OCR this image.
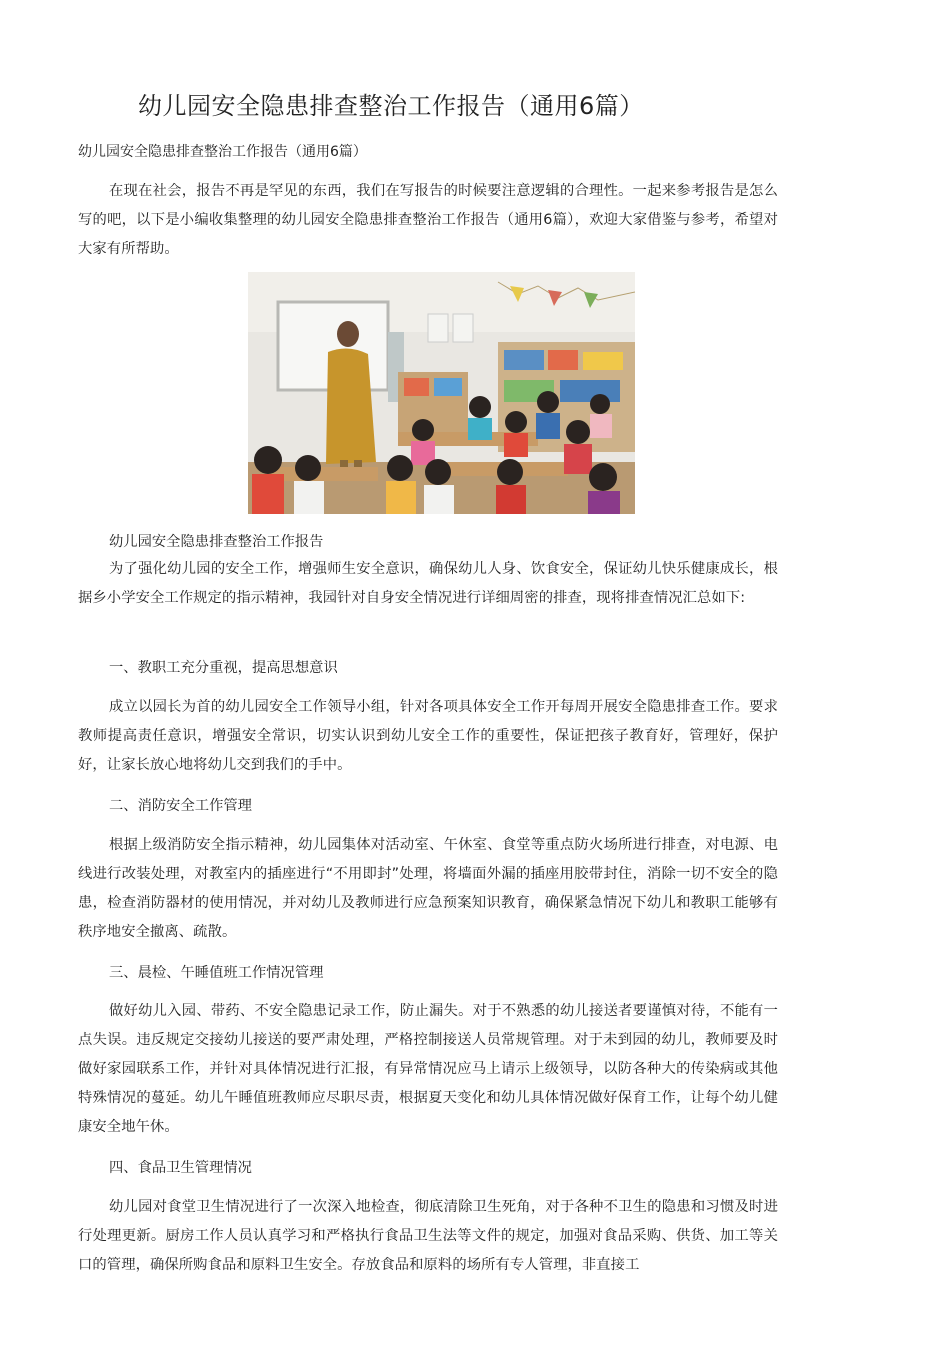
幼儿园安全隐患排查整治工作报告（通用6篇）
幼儿园安全隐患排查整治工作报告（通用6篇）
在现在社会，报告不再是罕见的东西，我们在写报告的时候要注意逻辑的合理性。一起来参考报告是怎么写的吧，以下是小编收集整理的幼儿园安全隐患排查整治工作报告（通用6篇），欢迎大家借鉴与参考，希望对大家有所帮助。
幼儿园安全隐患排查整治工作报告
为了强化幼儿园的安全工作，增强师生安全意识，确保幼儿人身、饮食安全，保证幼儿快乐健康成长，根据乡小学安全工作规定的指示精神，我园针对自身安全情况进行详细周密的排查，现将排查情况汇总如下:
一、教职工充分重视，提高思想意识
成立以园长为首的幼儿园安全工作领导小组，针对各项具体安全工作开每周开展安全隐患排查工作。要求教师提高责任意识，增强安全常识，切实认识到幼儿安全工作的重要性，保证把孩子教育好，管理好，保护好，让家长放心地将幼儿交到我们的手中。
二、消防安全工作管理
根据上级消防安全指示精神，幼儿园集体对活动室、午休室、食堂等重点防火场所进行排查，对电源、电线进行改装处理，对教室内的插座进行“不用即封”处理，将墙面外漏的插座用胶带封住，消除一切不安全的隐患，检查消防器材的使用情况，并对幼儿及教师进行应急预案知识教育，确保紧急情况下幼儿和教职工能够有秩序地安全撤离、疏散。
三、晨检、午睡值班工作情况管理
做好幼儿入园、带药、不安全隐患记录工作，防止漏失。对于不熟悉的幼儿接送者要谨慎对待，不能有一点失误。违反规定交接幼儿接送的要严肃处理，严格控制接送人员常规管理。对于未到园的幼儿，教师要及时做好家园联系工作，并针对具体情况进行汇报，有异常情况应马上请示上级领导，以防各种大的传染病或其他特殊情况的蔓延。幼儿午睡值班教师应尽职尽责，根据夏天变化和幼儿具体情况做好保育工作，让每个幼儿健康安全地午休。
四、食品卫生管理情况
幼儿园对食堂卫生情况进行了一次深入地检查，彻底清除卫生死角，对于各种不卫生的隐患和习惯及时进行处理更新。厨房工作人员认真学习和严格执行食品卫生法等文件的规定，加强对食品采购、供货、加工等关口的管理，确保所购食品和原料卫生安全。存放食品和原料的场所有专人管理，非直接工
